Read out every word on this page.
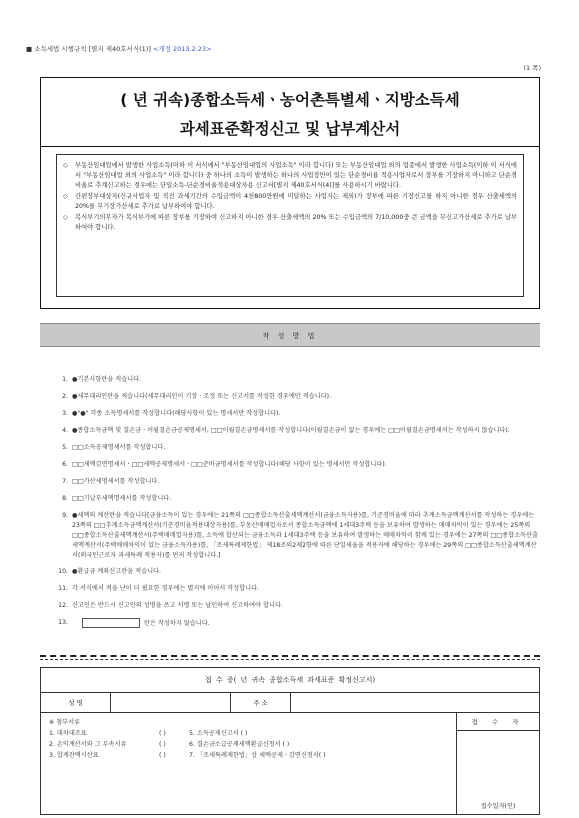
■ 소득세법 시행규칙 [별지 제40호서식(1)] <개정 2013.2.23>
(1 쪽)
( 년 귀속)종합소득세ㆍ농어촌특별세ㆍ지방소득세
과세표준확정신고 및 납부계산서
◇	부동산임대업에서 발생한 사업소득(이하 이 서식에서 "부동산임대업의 사업소득" 이라 합니다) 또는 부동산임대업 외의 업종에서 발생한 사업소득(이하 이 서식에서 "부동산임대업 외의 사업소득" 이라 합니다) 중 하나의 소득이 발생하는 하나의 사업장만이 있는 단순경비율 적용사업자로서 장부를 기장하지 아니하고 단순경비율로 추계신고하는 경우에는 단일소득-단순경비율적용대상자용 신고서[별지 제40호서식(4)]를 사용하시기 바랍니다.
◇	간편장부대상자(신규사업자 및 직전 과세기간의 수입금액이 4천800만원에 미달하는 사업자는 제외)가 장부에 따른 기장신고를 하지 아니한 경우 산출세액의 20%를 무기장가산세로 추가로 납부하여야 합니다.
◇	복식부기의무자가 복식부기에 따른 장부를 기장하여 신고하지 아니한 경우 산출세액의 20% 또는 수입금액의 7/10,000중 큰 금액을 무신고가산세로 추가로 납부하여야 합니다.
작 성 방 법
1. ●기본사항란을 적습니다.
2. ●세무대리인란을 적습니다(세무대리인이 기장ㆍ조정 또는 신고서를 작성한 경우에만 적습니다).
3. ●"●" 각종 소득명세서를 작성합니다(해당사항이 있는 명세서만 작성합니다).
4. ●종합소득금액 및 결손금ㆍ이월결손금공제명세서, □□이월결손금명세서를 작성합니다(이월결손금이 없는 경우에는 □□이월결손금명세서는 작성하지 않습니다).
5. □□소득공제명세서를 작성합니다.
6. □□세액감면명세서ㆍ□□세액공제명세서ㆍ□□준비금명세서를 작성합니다(해당 사항이 있는 명세서만 작성합니다).
7. □□가산세명세서를 작성합니다.
8. □□기납부세액명세서를 작성합니다.
9. ●세액의 계산란을 적습니다[금융소득이 있는 경우에는 21쪽의 □□종합소득산출세액계산서(금융소득자용)를, 기준경비율에 따라 추계소득금액계산서를 작성하는 경우에는 23쪽의 □□추계소득금액계산서(기준경비율적용대상자용)를, 부동산매매업자로서 종합소득금액에 1세대3주택 등을 보유하여 발생하는 매매차익이 있는 경우에는 25쪽의 □□종합소득산출세액계산서(주택매매업자용)를, 소득에 합산되는 금융소득과 1세대3주택 등을 보유하여 발생하는 매매차익이 함께 있는 경우에는 27쪽의 □□종합소득산출세액계산서(주택매매차익이 있는 금융소득자용)를, 「조세특례제한법」 제18조의2제2항에 따른 단일세율을 적용자에 해당하는 경우에는 29쪽의 □□종합소득산출세액계산서(외국인근로자 과세특례 적용자)를 먼저 작성합니다.]
10. ●환급금 계좌신고란을 적습니다.
11. 각 서식에서 적을 난이 더 필요한 경우에는 별지에 이어서 작성합니다.
12. 신고인은 반드시 신고인의 성명을 쓰고 서명 또는 날인하여 신고하여야 합니다.
13.	란은 작성하지 않습니다.
접 수 증( 년 귀속 종합소득세 과세표준 확정신고서)
성 명	주 소
※ 첨부서류
1. 대차대조표	( )	5. 소득공제신고서 ( )
2. 손익계산서와 그 부속서류	( )	6. 결손금소급공제세액환급신청서 ( )
3. 합계잔액시산표	( )	7. 「조세특례제한법」상 세액공제ㆍ감면신청서( )
접 수 자
접수일자(인)
